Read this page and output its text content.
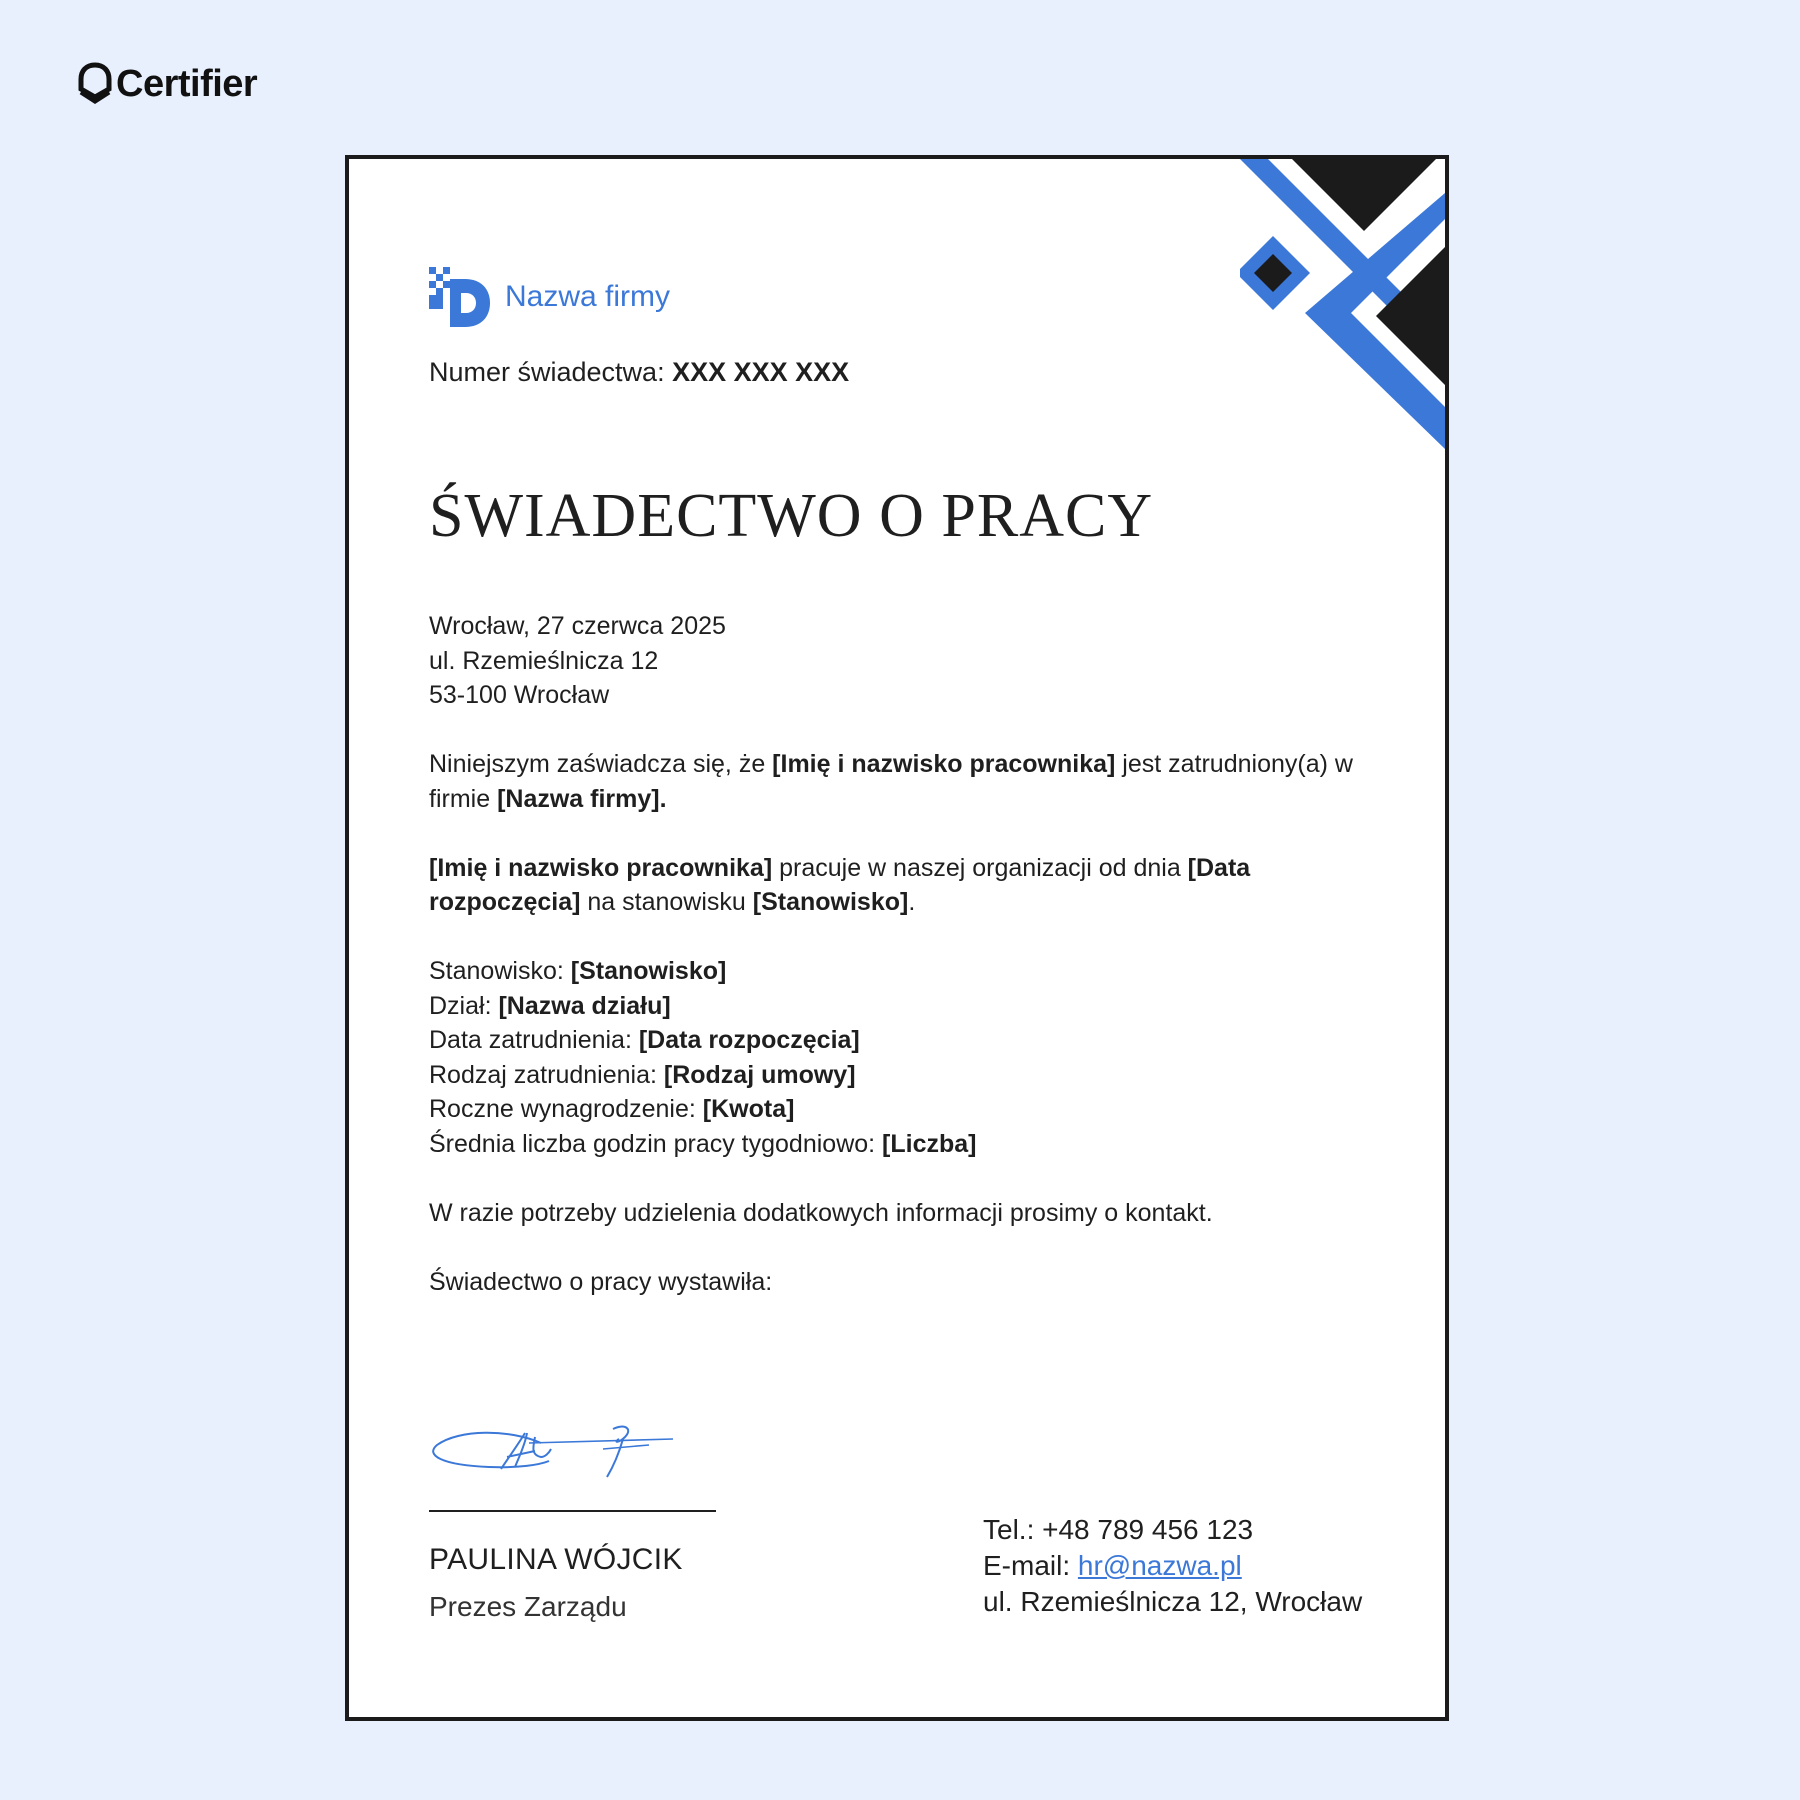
Certifier
Nazwa firmy
Numer świadectwa: XXX XXX XXX
ŚWIADECTWO O PRACY

Wrocław, 27 czerwca 2025
ul. Rzemieślnicza 12
53-100 Wrocław

Niniejszym zaświadcza się, że [Imię i nazwisko pracownika] jest zatrudniony(a) w firmie [Nazwa firmy].

[Imię i nazwisko pracownika] pracuje w naszej organizacji od dnia [Data rozpoczęcia] na stanowisku [Stanowisko].

Stanowisko: [Stanowisko]
Dział: [Nazwa działu]
Data zatrudnienia: [Data rozpoczęcia]
Rodzaj zatrudnienia: [Rodzaj umowy]
Roczne wynagrodzenie: [Kwota]
Średnia liczba godzin pracy tygodniowo: [Liczba]

W razie potrzeby udzielenia dodatkowych informacji prosimy o kontakt.

Świadectwo o pracy wystawiła:

PAULINA WÓJCIK
Prezes Zarządu
Tel.: +48 789 456 123
E-mail: hr@nazwa.pl
ul. Rzemieślnicza 12, Wrocław
